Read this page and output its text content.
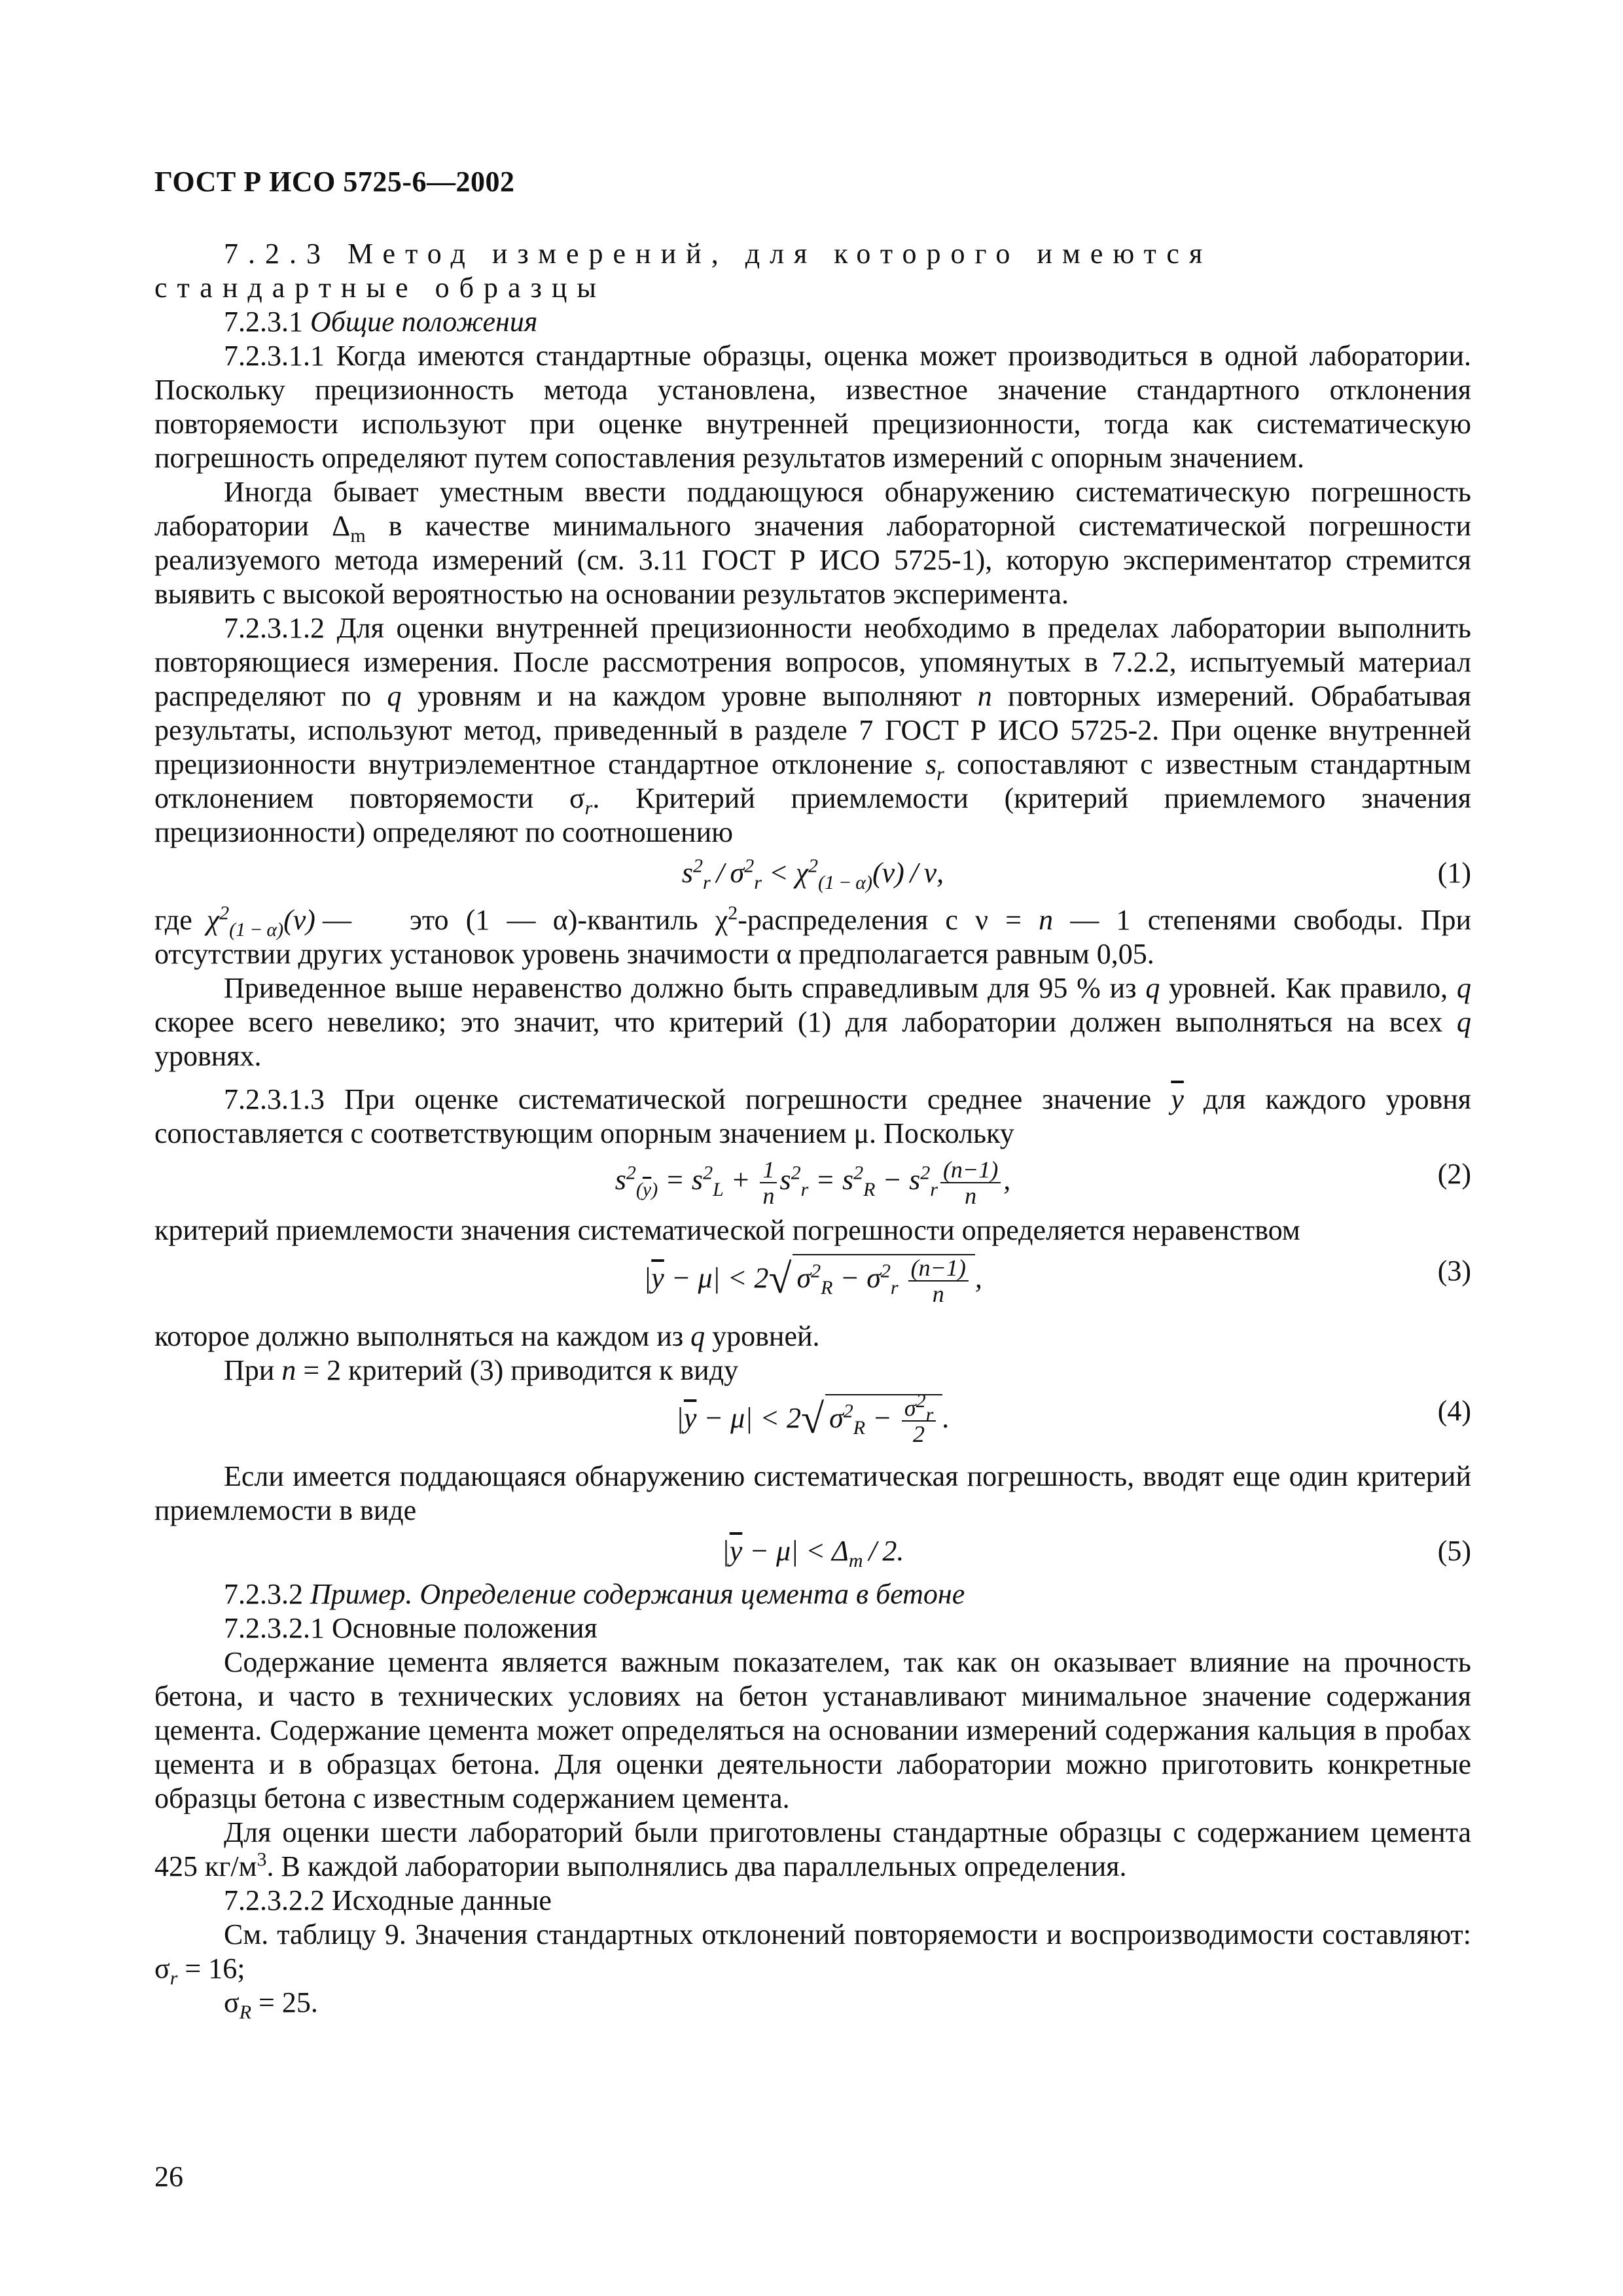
ГОСТ Р ИСО 5725-6—2002

7.2.3 Метод измерений, для которого имеются стандартные образцы

7.2.3.1 Общие положения

7.2.3.1.1 Когда имеются стандартные образцы, оценка может производиться в одной лаборатории. Поскольку прецизионность метода установлена, известное значение стандартного отклонения повторяемости используют при оценке внутренней прецизионности, тогда как систематическую погрешность определяют путем сопоставления результатов измерений с опорным значением.

Иногда бывает уместным ввести поддающуюся обнаружению систематическую погрешность лаборатории $\Delta_m$ в качестве минимального значения лабораторной систематической погрешности реализуемого метода измерений (см. 3.11 ГОСТ Р ИСО 5725-1), которую экспериментатор стремится выявить с высокой вероятностью на основании результатов эксперимента.

7.2.3.1.2 Для оценки внутренней прецизионности необходимо в пределах лаборатории выполнить повторяющиеся измерения. После рассмотрения вопросов, упомянутых в 7.2.2, испытуемый материал распределяют по q уровням и на каждом уровне выполняют n повторных измерений. Обрабатывая результаты, используют метод, приведенный в разделе 7 ГОСТ Р ИСО 5725-2. При оценке внутренней прецизионности внутриэлементное стандартное отклонение $s_r$ сопоставляют с известным стандартным отклонением повторяемости $\sigma_r$. Критерий приемлемости (критерий приемлемого значения прецизионности) определяют по соотношению

$s^2_r / \sigma^2_r < \chi^2_{(1 - \alpha)}(\nu) / \nu$,	(1)
где $\chi^2_{(1 - \alpha)}(\nu)$ —это (1 — α)-квантиль $\chi^2$-распределения с ν = n — 1 степенями свободы. При отсутствии других установок уровень значимости α предполагается равным 0,05.

Приведенное выше неравенство должно быть справедливым для 95 % из q уровней. Как правило, q скорее всего невелико; это значит, что критерий (1) для лаборатории должен выполняться на всех q уровнях.

7.2.3.1.3 При оценке систематической погрешности среднее значение $\overline{y}$ для каждого уровня сопоставляется с соответствующим опорным значением μ. Поскольку

$s^2_{(\overline{y})} = s^2_L + \frac{1}{n} s^2_r = s^2_R - s^2_r \frac{(n-1)}{n}$ ,	(2)

критерий приемлемости значения систематической погрешности определяется неравенством

$|\overline{y} - \mu| < 2√$ $\sigma^2_R - \sigma^2_r \frac{(n-1)}{n}$ ,	(3)

которое должно выполняться на каждом из q уровней.

При n = 2 критерий (3) приводится к виду

$|\overline{y} - \mu| < 2√$ $\sigma^2_R - \frac{\sigma^2_r}{2}$ .	(4)

Если имеется поддающаяся обнаружению систематическая погрешность, вводят еще один критерий приемлемости в виде

$|\overline{y} - \mu| < \Delta_m / 2$.	(5)

7.2.3.2 Пример. Определение содержания цемента в бетоне

7.2.3.2.1 Основные положения

Содержание цемента является важным показателем, так как он оказывает влияние на прочность бетона, и часто в технических условиях на бетон устанавливают минимальное значение содержания цемента. Содержание цемента может определяться на основании измерений содержания кальция в пробах цемента и в образцах бетона. Для оценки деятельности лаборатории можно приготовить конкретные образцы бетона с известным содержанием цемента.

Для оценки шести лабораторий были приготовлены стандартные образцы с содержанием цемента 425 $кг/м^3$. В каждой лаборатории выполнялись два параллельных определения.

7.2.3.2.2 Исходные данные

См. таблицу 9. Значения стандартных отклонений повторяемости и воспроизводимости составляют: $\sigma_r = 16$;

$\sigma_R = 25$.

26
